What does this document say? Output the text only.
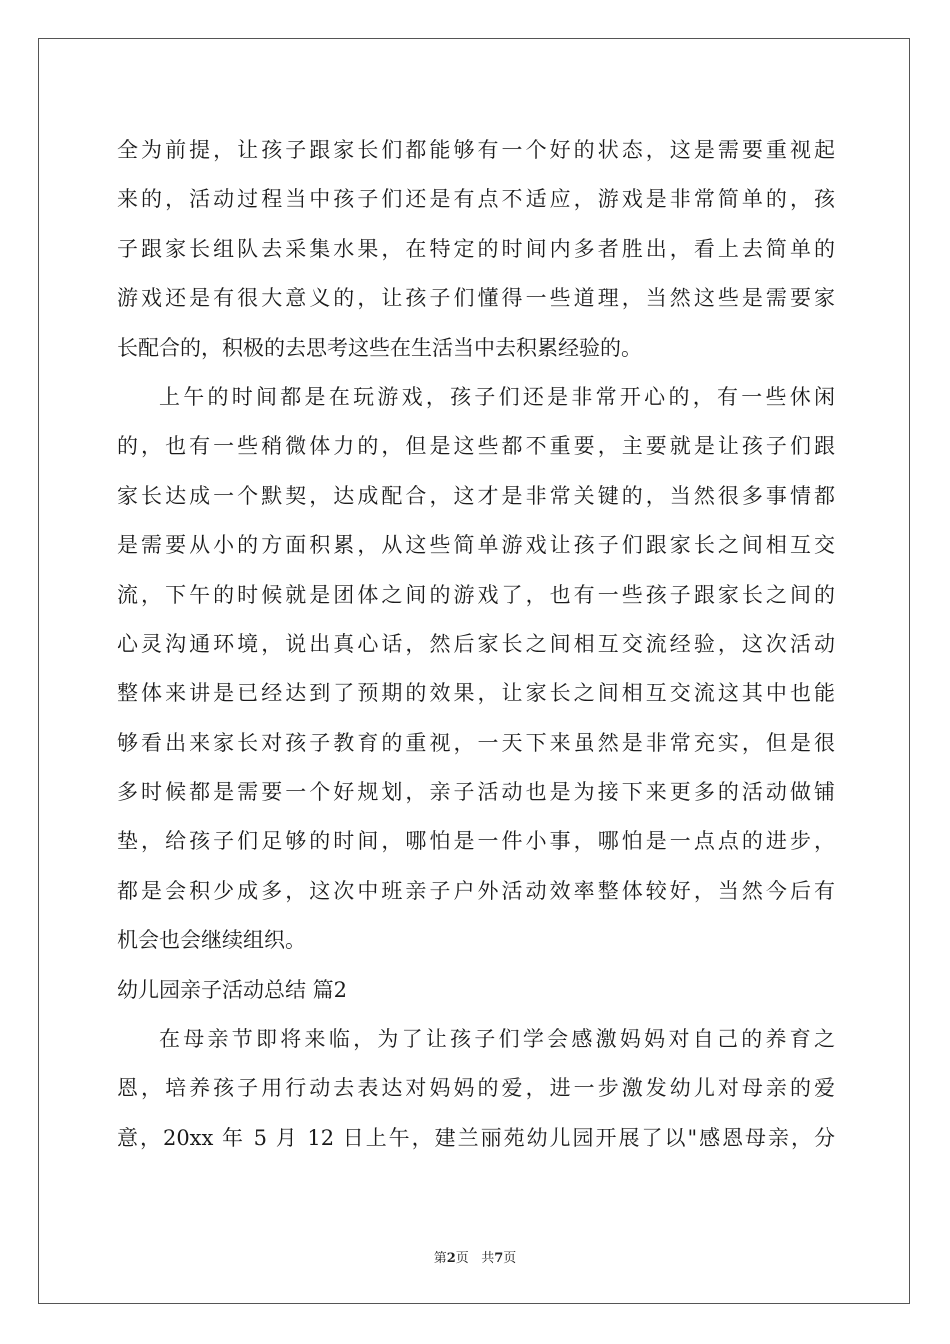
全为前提，让孩子跟家长们都能够有一个好的状态，这是需要重视起
来的，活动过程当中孩子们还是有点不适应，游戏是非常简单的，孩
子跟家长组队去采集水果，在特定的时间内多者胜出，看上去简单的
游戏还是有很大意义的，让孩子们懂得一些道理，当然这些是需要家
长配合的，积极的去思考这些在生活当中去积累经验的。
上午的时间都是在玩游戏，孩子们还是非常开心的，有一些休闲
的，也有一些稍微体力的，但是这些都不重要，主要就是让孩子们跟
家长达成一个默契，达成配合，这才是非常关键的，当然很多事情都
是需要从小的方面积累，从这些简单游戏让孩子们跟家长之间相互交
流，下午的时候就是团体之间的游戏了，也有一些孩子跟家长之间的
心灵沟通环境，说出真心话，然后家长之间相互交流经验，这次活动
整体来讲是已经达到了预期的效果，让家长之间相互交流这其中也能
够看出来家长对孩子教育的重视，一天下来虽然是非常充实，但是很
多时候都是需要一个好规划，亲子活动也是为接下来更多的活动做铺
垫，给孩子们足够的时间，哪怕是一件小事，哪怕是一点点的进步，
都是会积少成多，这次中班亲子户外活动效率整体较好，当然今后有
机会也会继续组织。
幼儿园亲子活动总结 篇2
在母亲节即将来临，为了让孩子们学会感激妈妈对自己的养育之
恩，培养孩子用行动去表达对妈妈的爱，进一步激发幼儿对母亲的爱
意，20xx 年 5 月 12 日上午，建兰丽苑幼儿园开展了以"感恩母亲，分
第2页   共7页
